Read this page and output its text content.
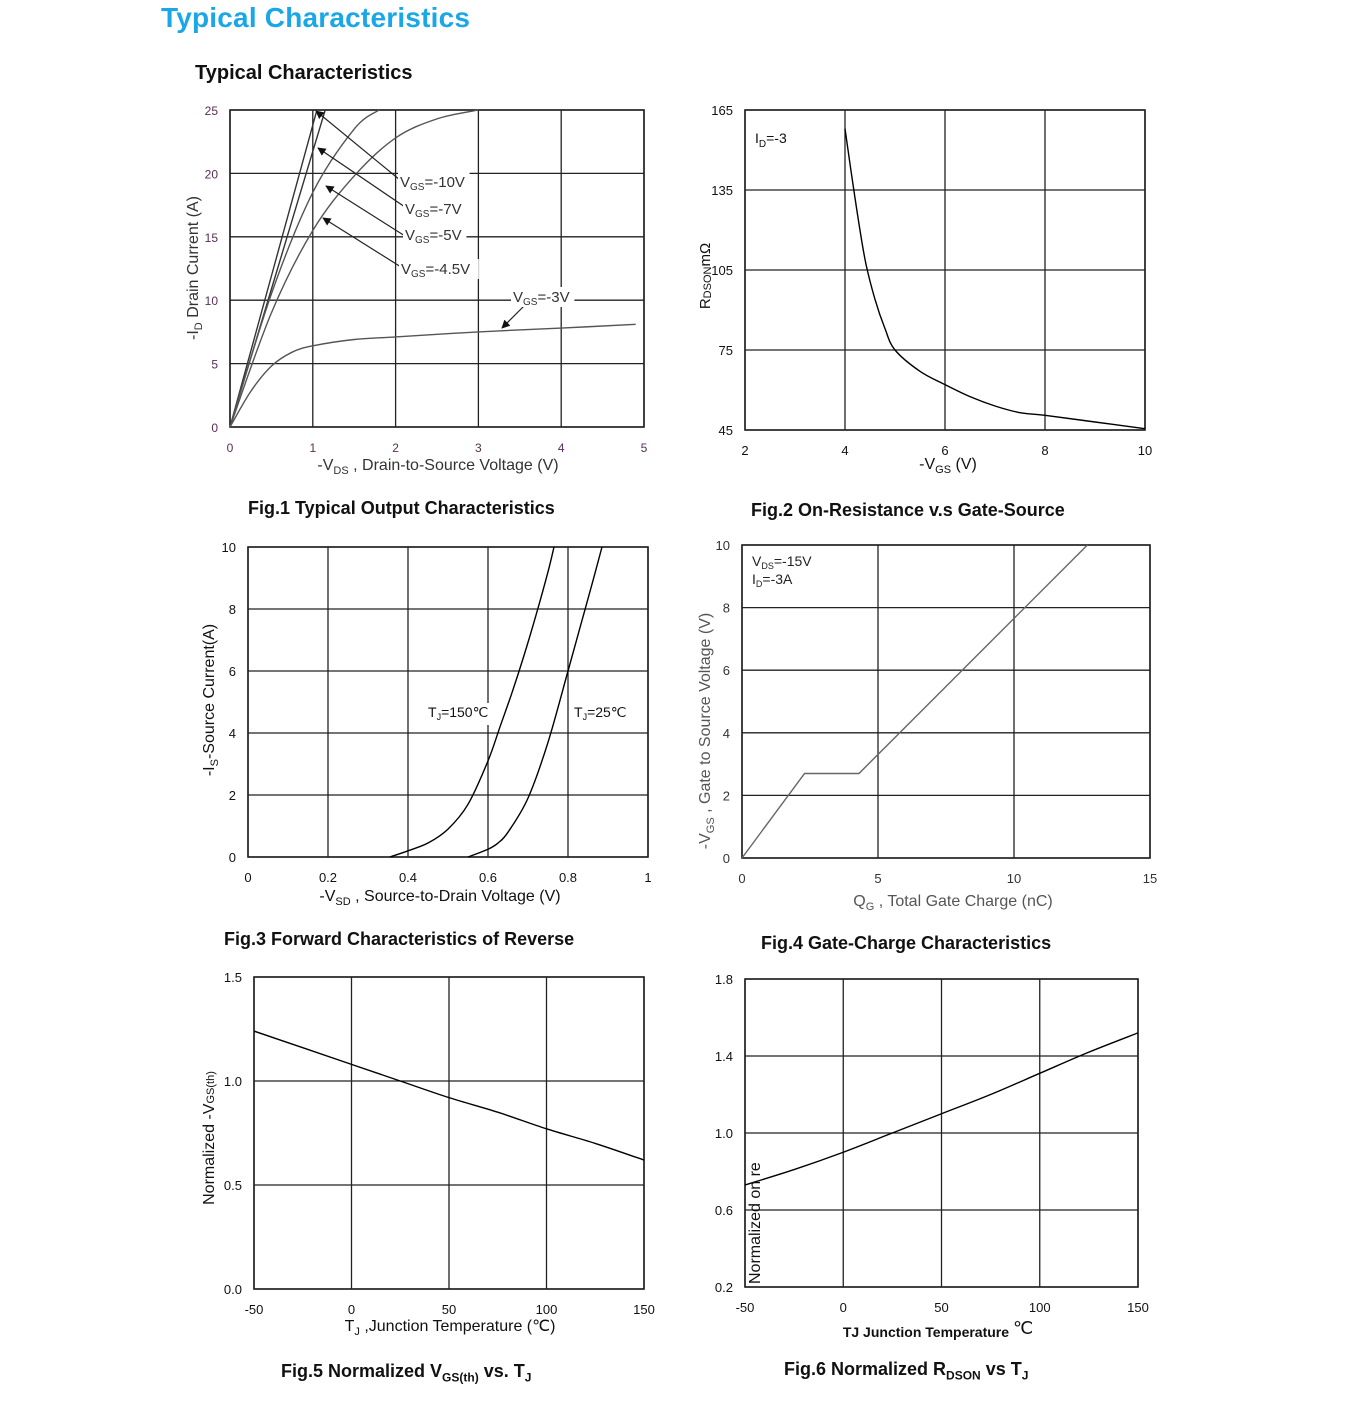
Typical Characteristics
Typical Characteristics
0	1	2	3	4	5
0
5
10
15
20
25
$V_{GS}=-10V$
$V_{GS}=-7V$
$V_{GS}=-5V$
$V_{GS}=-4.5V$
$V_{GS}=-3V$
$-V_{DS}$ , Drain-to-Source Voltage (V)
$-I_D$ Drain Current (A)
2	4	6	8	10
45
75
105
135
165
$I_D=-3$
$-V_{GS}$ (V)
RDSONmΩ
0	0.2	0.4	0.6	0.8	1
0
2
4
6
8
10
$T_J=150℃$	$T_J=25℃$
$-V_{SD}$ , Source-to-Drain Voltage (V)
$-I_S$-Source Current(A)
0	5	10	15
0
2
4
6
8
10
$V_{DS}=-15V$
$I_D=-3A$
$Q_G$ , Total Gate Charge (nC)
$-V_{GS}$ , Gate to Source Voltage (V)
-50	0	50	100	150
0.0
0.5
1.0
1.5
$T_J$ ,Junction Temperature (℃)
Normalized -VGS(th)
-50	0	50	100	150
0.2
0.6
1.0
1.4
1.8
TJ Junction Temperature ℃
Normalized on re
Fig.1 Typical Output Characteristics	Fig.2 On-Resistance v.s Gate-Source
Fig.3 Forward Characteristics of Reverse	Fig.4 Gate-Charge Characteristics
Fig.5 Normalized $V_{GS(th)}$ vs. $T_J$	Fig.6 Normalized $R_{DSON}$ vs $T_J$
